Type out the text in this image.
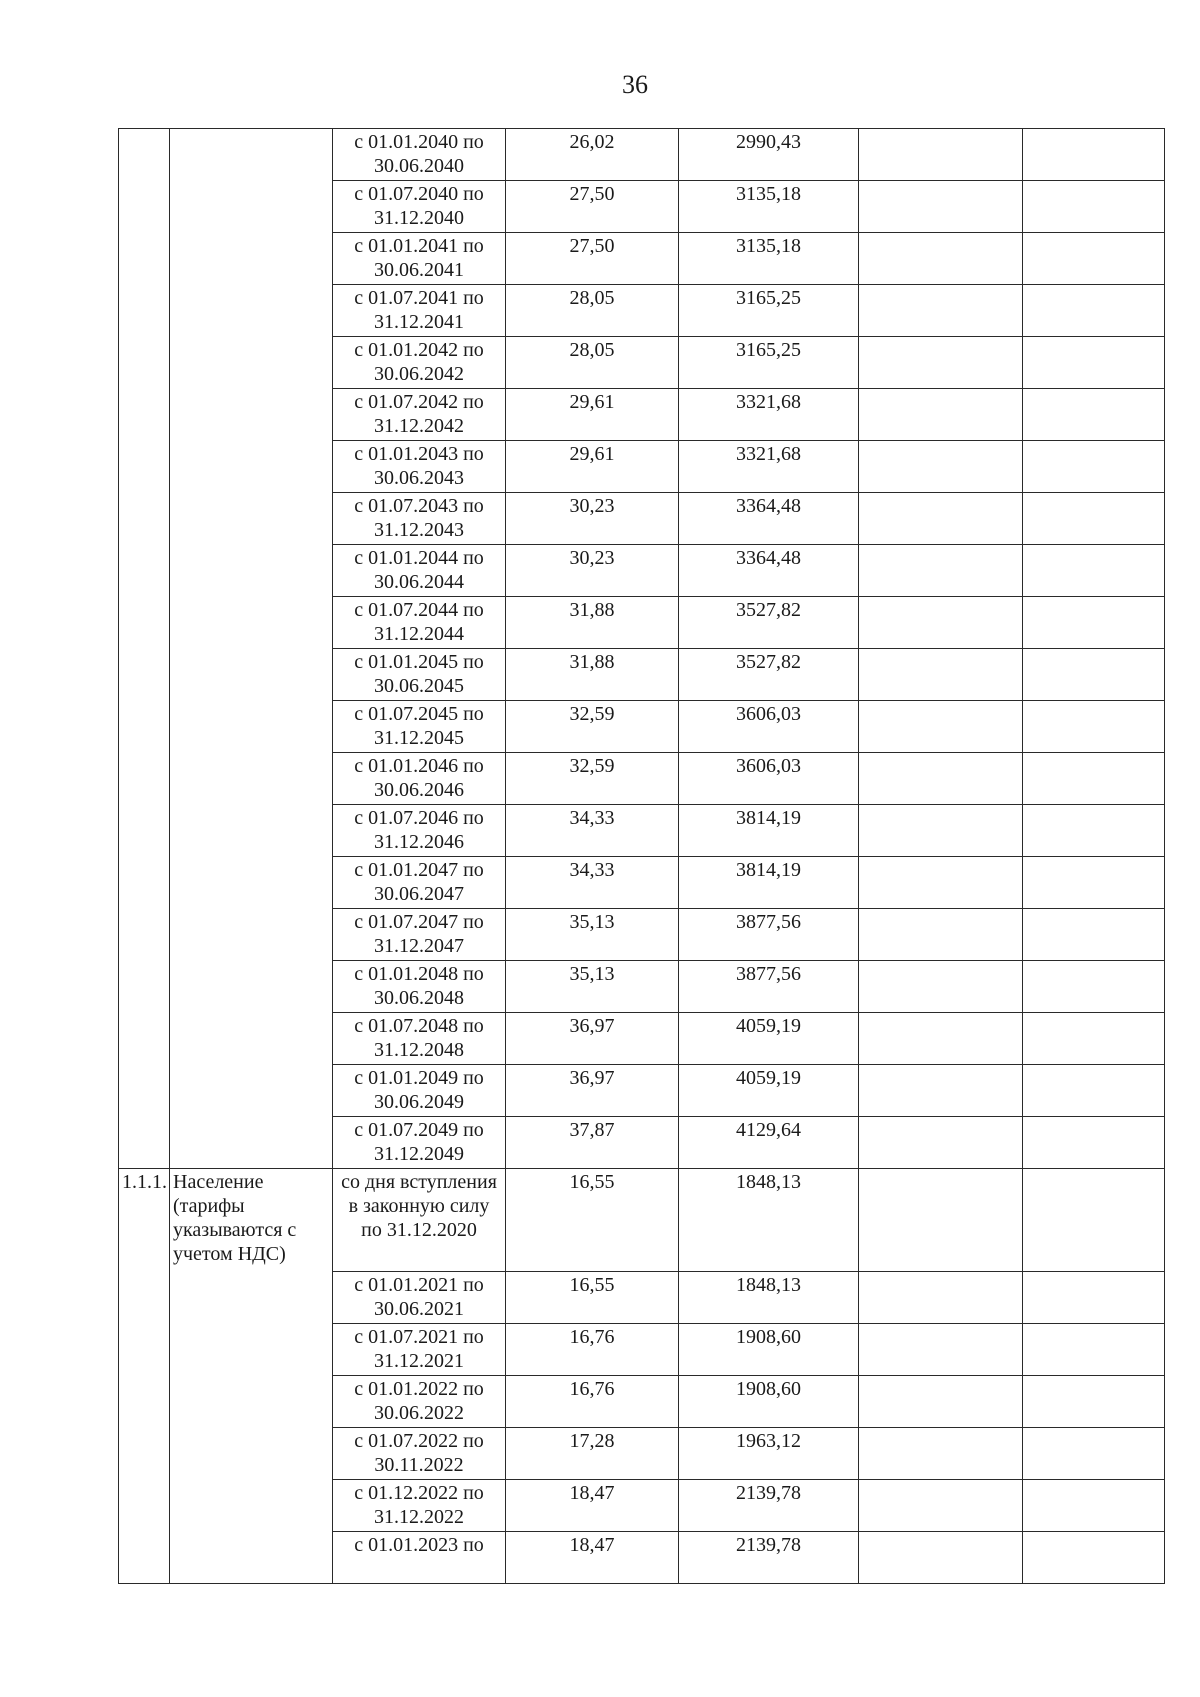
36
		с 01.01.2040 по 30.06.2040	26,02	2990,43		
		с 01.07.2040 по 31.12.2040	27,50	3135,18		
		с 01.01.2041 по 30.06.2041	27,50	3135,18		
		с 01.07.2041 по 31.12.2041	28,05	3165,25		
		с 01.01.2042 по 30.06.2042	28,05	3165,25		
		с 01.07.2042 по 31.12.2042	29,61	3321,68		
		с 01.01.2043 по 30.06.2043	29,61	3321,68		
		с 01.07.2043 по 31.12.2043	30,23	3364,48		
		с 01.01.2044 по 30.06.2044	30,23	3364,48		
		с 01.07.2044 по 31.12.2044	31,88	3527,82		
		с 01.01.2045 по 30.06.2045	31,88	3527,82		
		с 01.07.2045 по 31.12.2045	32,59	3606,03		
		с 01.01.2046 по 30.06.2046	32,59	3606,03		
		с 01.07.2046 по 31.12.2046	34,33	3814,19		
		с 01.01.2047 по 30.06.2047	34,33	3814,19		
		с 01.07.2047 по 31.12.2047	35,13	3877,56		
		с 01.01.2048 по 30.06.2048	35,13	3877,56		
		с 01.07.2048 по 31.12.2048	36,97	4059,19		
		с 01.01.2049 по 30.06.2049	36,97	4059,19		
		с 01.07.2049 по 31.12.2049	37,87	4129,64		
1.1.1.	Население (тарифы указываются с учетом НДС)	со дня вступления в законную силу по 31.12.2020	16,55	1848,13		
		с 01.01.2021 по 30.06.2021	16,55	1848,13		
		с 01.07.2021 по 31.12.2021	16,76	1908,60		
		с 01.01.2022 по 30.06.2022	16,76	1908,60		
		с 01.07.2022 по 30.11.2022	17,28	1963,12		
		с 01.12.2022 по 31.12.2022	18,47	2139,78		
		с 01.01.2023 по	18,47	2139,78		
